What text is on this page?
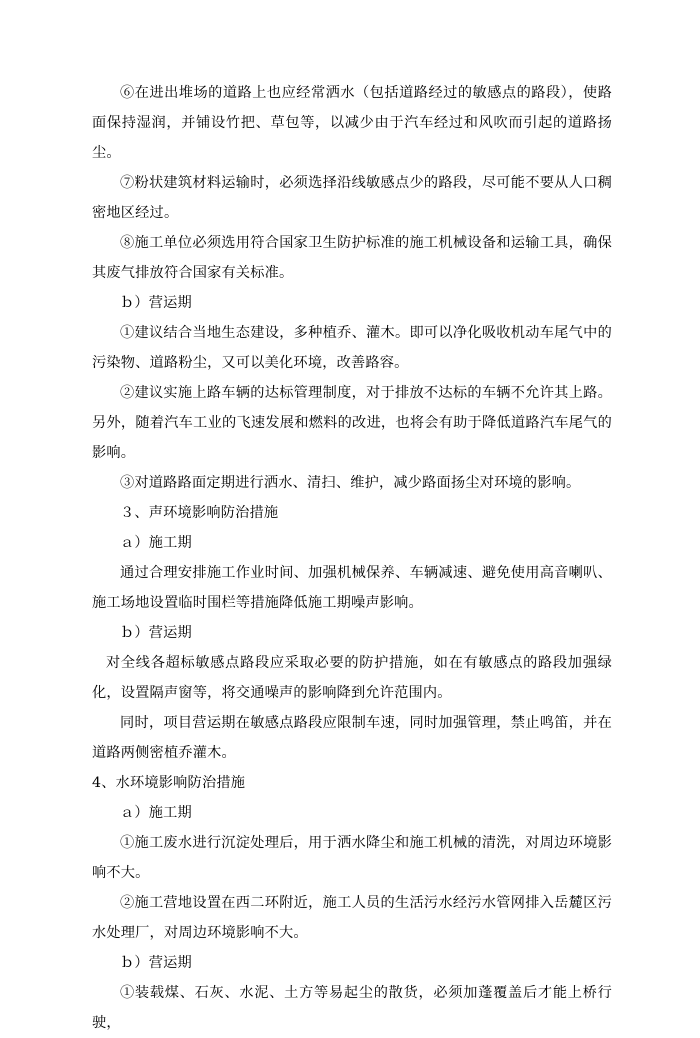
⑥在进出堆场的道路上也应经常洒水（包括道路经过的敏感点的路段），使路面保持湿润，并铺设竹把、草包等，以减少由于汽车经过和风吹而引起的道路扬尘。

⑦粉状建筑材料运输时，必须选择沿线敏感点少的路段，尽可能不要从人口稠密地区经过。

⑧施工单位必须选用符合国家卫生防护标准的施工机械设备和运输工具，确保其废气排放符合国家有关标准。

ｂ）营运期

①建议结合当地生态建设，多种植乔、灌木。即可以净化吸收机动车尾气中的污染物、道路粉尘，又可以美化环境，改善路容。

②建议实施上路车辆的达标管理制度，对于排放不达标的车辆不允许其上路。另外，随着汽车工业的飞速发展和燃料的改进，也将会有助于降低道路汽车尾气的影响。

③对道路路面定期进行洒水、清扫、维护，减少路面扬尘对环境的影响。

３、声环境影响防治措施

ａ）施工期

通过合理安排施工作业时间、加强机械保养、车辆减速、避免使用高音喇叭、施工场地设置临时围栏等措施降低施工期噪声影响。

ｂ）营运期

对全线各超标敏感点路段应采取必要的防护措施，如在有敏感点的路段加强绿化，设置隔声窗等，将交通噪声的影响降到允许范围内。

同时，项目营运期在敏感点路段应限制车速，同时加强管理，禁止鸣笛，并在道路两侧密植乔灌木。

4、水环境影响防治措施

ａ）施工期

①施工废水进行沉淀处理后，用于洒水降尘和施工机械的清洗，对周边环境影响不大。

②施工营地设置在西二环附近，施工人员的生活污水经污水管网排入岳麓区污水处理厂，对周边环境影响不大。

ｂ）营运期

①装载煤、石灰、水泥、土方等易起尘的散货，必须加蓬覆盖后才能上桥行驶，
